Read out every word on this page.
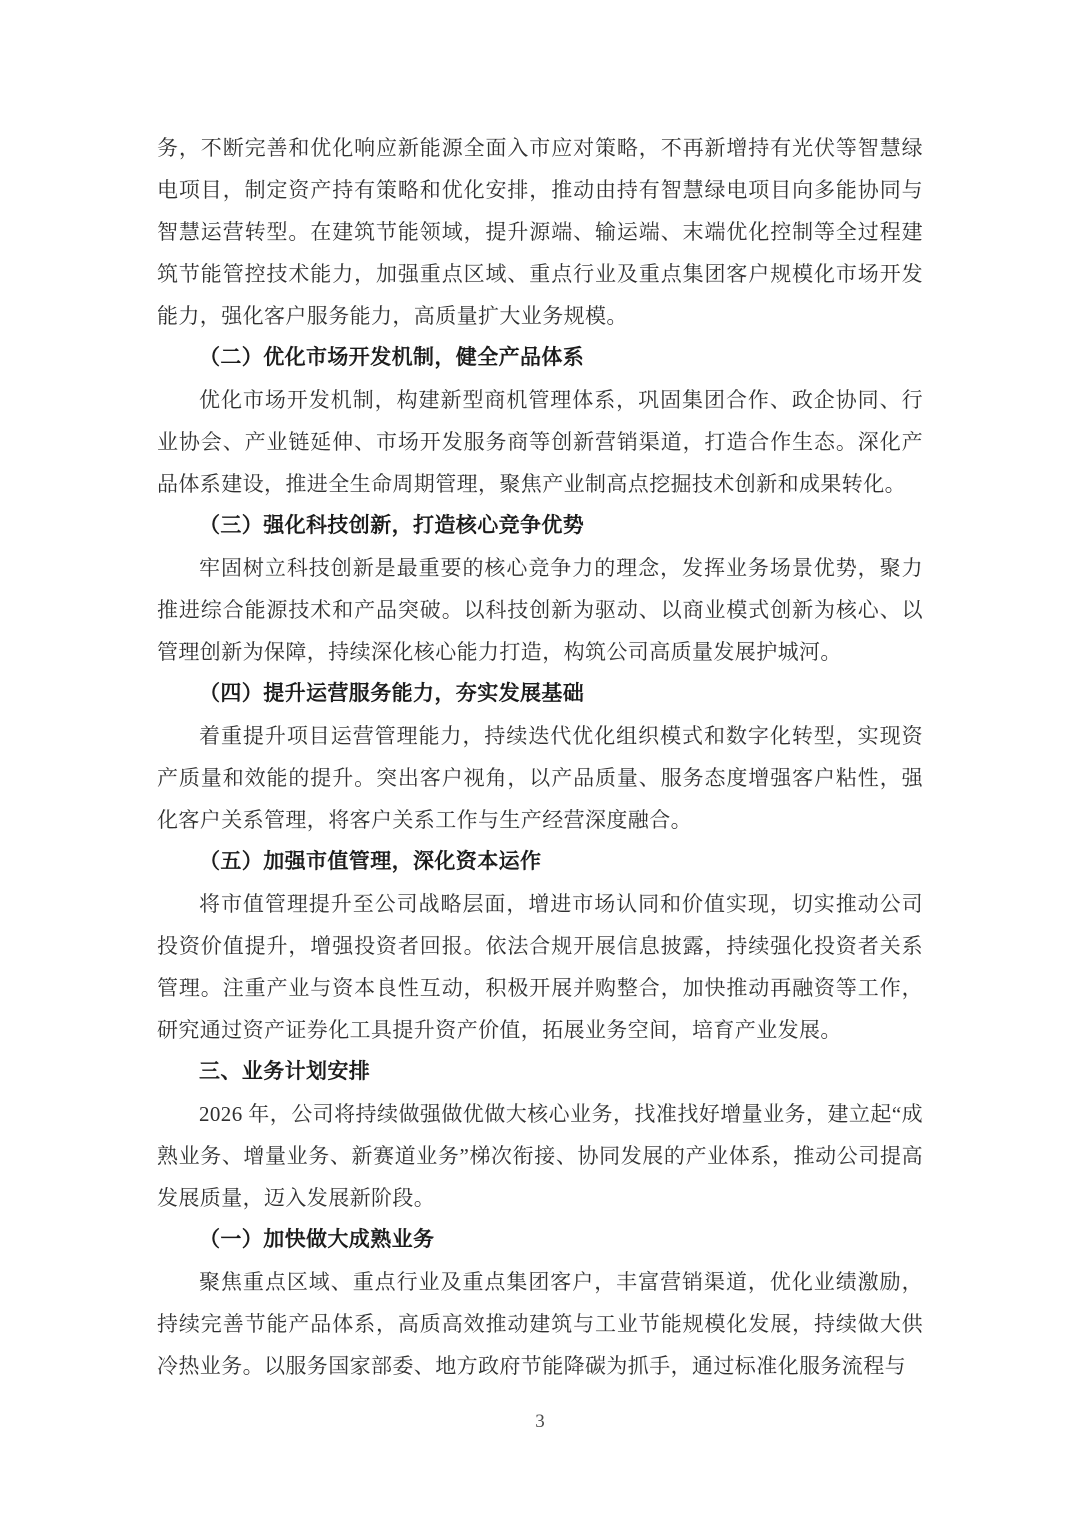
务，不断完善和优化响应新能源全面入市应对策略，不再新增持有光伏等智慧绿电项目，制定资产持有策略和优化安排，推动由持有智慧绿电项目向多能协同与智慧运营转型。在建筑节能领域，提升源端、输运端、末端优化控制等全过程建筑节能管控技术能力，加强重点区域、重点行业及重点集团客户规模化市场开发能力，强化客户服务能力，高质量扩大业务规模。

（二）优化市场开发机制，健全产品体系

优化市场开发机制，构建新型商机管理体系，巩固集团合作、政企协同、行业协会、产业链延伸、市场开发服务商等创新营销渠道，打造合作生态。深化产品体系建设，推进全生命周期管理，聚焦产业制高点挖掘技术创新和成果转化。

（三）强化科技创新，打造核心竞争优势

牢固树立科技创新是最重要的核心竞争力的理念，发挥业务场景优势，聚力推进综合能源技术和产品突破。以科技创新为驱动、以商业模式创新为核心、以管理创新为保障，持续深化核心能力打造，构筑公司高质量发展护城河。

（四）提升运营服务能力，夯实发展基础

着重提升项目运营管理能力，持续迭代优化组织模式和数字化转型，实现资产质量和效能的提升。突出客户视角，以产品质量、服务态度增强客户粘性，强化客户关系管理，将客户关系工作与生产经营深度融合。

（五）加强市值管理，深化资本运作

将市值管理提升至公司战略层面，增进市场认同和价值实现，切实推动公司投资价值提升，增强投资者回报。依法合规开展信息披露，持续强化投资者关系管理。注重产业与资本良性互动，积极开展并购整合，加快推动再融资等工作，研究通过资产证券化工具提升资产价值，拓展业务空间，培育产业发展。

三、业务计划安排

2026 年，公司将持续做强做优做大核心业务，找准找好增量业务，建立起“成熟业务、增量业务、新赛道业务”梯次衔接、协同发展的产业体系，推动公司提高发展质量，迈入发展新阶段。

（一）加快做大成熟业务

聚焦重点区域、重点行业及重点集团客户，丰富营销渠道，优化业绩激励，持续完善节能产品体系，高质高效推动建筑与工业节能规模化发展，持续做大供冷热业务。以服务国家部委、地方政府节能降碳为抓手，通过标准化服务流程与

3
